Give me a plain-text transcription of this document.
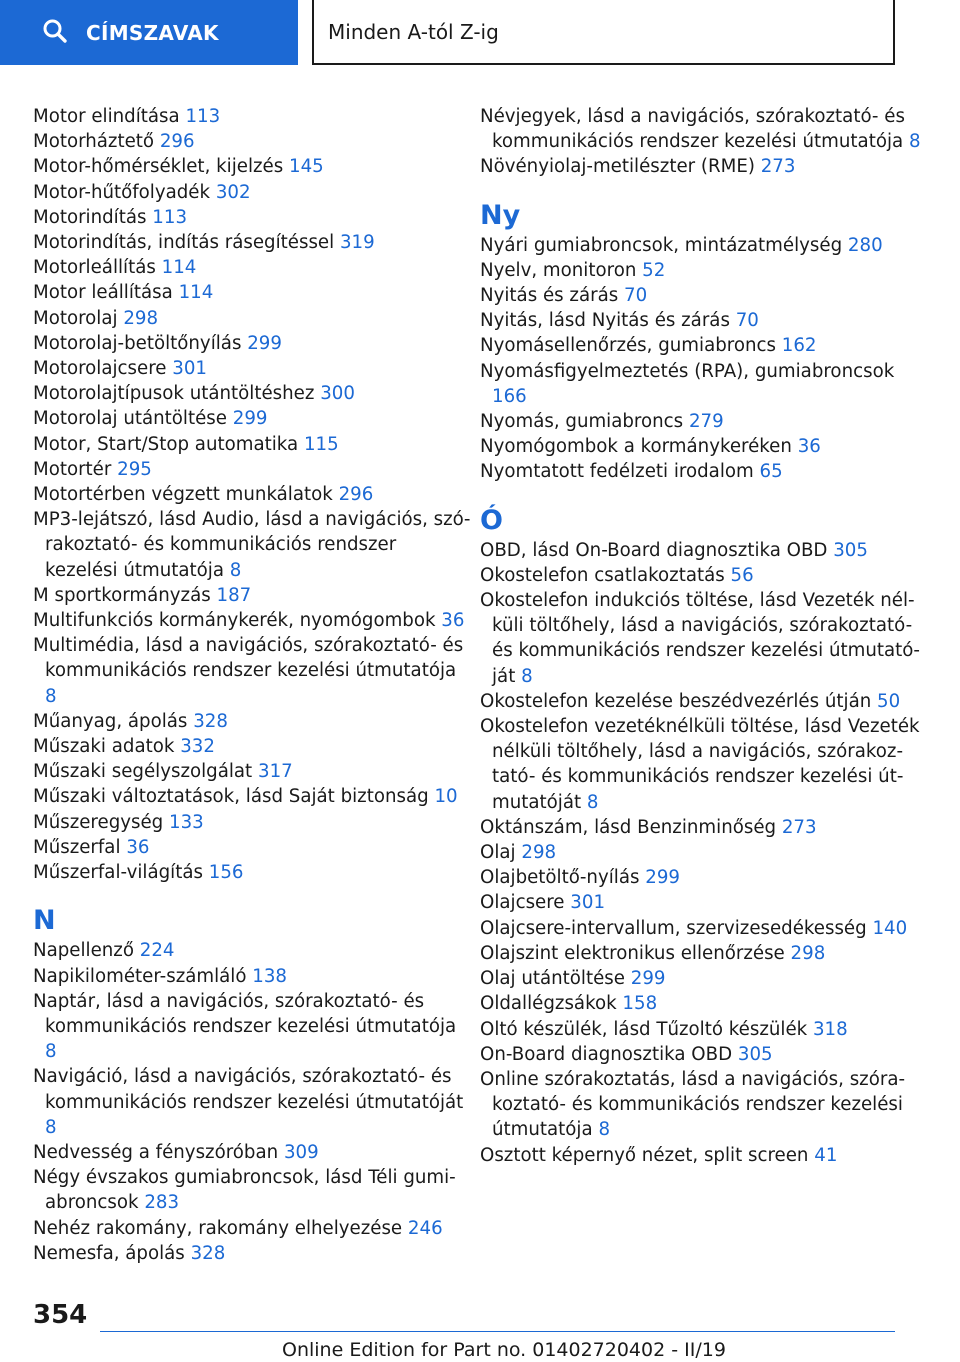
CÍMSZAVAK	Minden A-tól Z-ig
Motor elindítása 113
Motorháztető 296
Motor-hőmérséklet, kijelzés 145
Motor-hűtőfolyadék 302
Motorindítás 113
Motorindítás, indítás rásegítéssel 319
Motorleállítás 114
Motor leállítása 114
Motorolaj 298
Motorolaj-betöltőnyílás 299
Motorolajcsere 301
Motorolajtípusok utántöltéshez 300
Motorolaj utántöltése 299
Motor, Start/Stop automatika 115
Motortér 295
Motortérben végzett munkálatok 296
MP3-lejátszó, lásd Audio, lásd a navigációs, szórakoztató- és kommunikációs rendszer kezelési útmutatója 8
M sportkormányzás 187
Multifunkciós kormánykerék, nyomógombok 36
Multimédia, lásd a navigációs, szórakoztató- és kommunikációs rendszer kezelési útmutatója 8
Műanyag, ápolás 328
Műszaki adatok 332
Műszaki segélyszolgálat 317
Műszaki változtatások, lásd Saját biztonság 10
Műszeregység 133
Műszerfal 36
Műszerfal-világítás 156
N
Napellenző 224
Napikilométer-számláló 138
Naptár, lásd a navigációs, szórakoztató- és kommunikációs rendszer kezelési útmutatója 8
Navigáció, lásd a navigációs, szórakoztató- és kommunikációs rendszer kezelési útmutatóját 8
Nedvesség a fényszóróban 309
Négy évszakos gumiabroncsok, lásd Téli gumiabroncsok 283
Nehéz rakomány, rakomány elhelyezése 246
Nemesfa, ápolás 328
Névjegyek, lásd a navigációs, szórakoztató- és kommunikációs rendszer kezelési útmutatója 8
Növényiolaj-metilészter (RME) 273
Ny
Nyári gumiabroncsok, mintázatmélység 280
Nyelv, monitoron 52
Nyitás és zárás 70
Nyitás, lásd Nyitás és zárás 70
Nyomásellenőrzés, gumiabroncs 162
Nyomásfigyelmeztetés (RPA), gumiabroncsok 166
Nyomás, gumiabroncs 279
Nyomógombok a kormánykeréken 36
Nyomtatott fedélzeti irodalom 65
Ó
OBD, lásd On-Board diagnosztika OBD 305
Okostelefon csatlakoztatás 56
Okostelefon indukciós töltése, lásd Vezeték nélküli töltőhely, lásd a navigációs, szórakoztató- és kommunikációs rendszer kezelési útmutatóját 8
Okostelefon kezelése beszédvezérlés útján 50
Okostelefon vezetéknélküli töltése, lásd Vezeték nélküli töltőhely, lásd a navigációs, szórakoztató- és kommunikációs rendszer kezelési útmutatóját 8
Oktánszám, lásd Benzinminőség 273
Olaj 298
Olajbetöltő-nyílás 299
Olajcsere 301
Olajcsere-intervallum, szervizesedékesség 140
Olajszint elektronikus ellenőrzése 298
Olaj utántöltése 299
Oldallégzsákok 158
Oltó készülék, lásd Tűzoltó készülék 318
On-Board diagnosztika OBD 305
Online szórakoztatás, lásd a navigációs, szórakoztató- és kommunikációs rendszer kezelési útmutatója 8
Osztott képernyő nézet, split screen 41
354
Online Edition for Part no. 01402720402 - II/19
